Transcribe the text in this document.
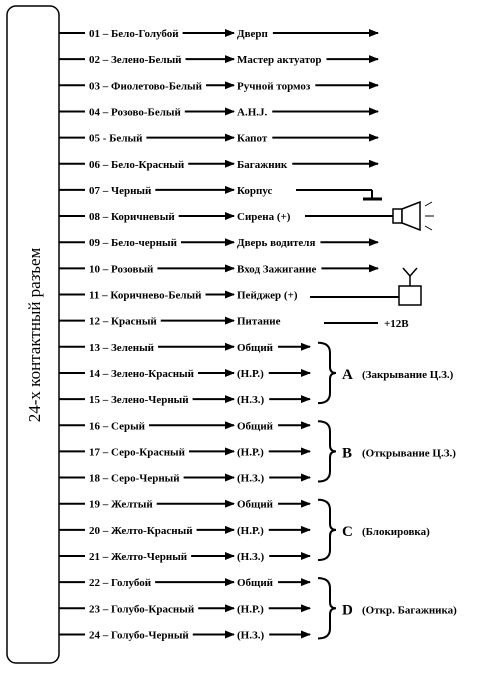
24-х контактный разъем
01 – Бело-Голубой	Дверп
02 – Зелено-Белый	Мастер актуатор
03 – Фиолетово-Белый	Ручной тормоз
04 – Розово-Белый	A.H.J.
05 - Белый	Капот
06 – Бело-Красный	Багажник
07 – Черный	Корпус
08 – Коричневый	Сирена (+)
09 – Бело-черный	Дверь водителя
10 – Розовый	Вход Зажигание
11 – Коричнево-Белый	Пейджер (+)
12 – Красный	Питание
13 – Зеленый	Общий
14 – Зелено-Красный	(Н.Р.)
15 – Зелено-Черный	(Н.З.)
16 – Серый	Общий
17 – Серо-Красный	(Н.Р.)
18 – Серо-Черный	(Н.З.)
19 – Желтый	Общий
20 – Желто-Красный	(Н.Р.)
21 – Желто-Черный	(Н.З.)
22 – Голубой	Общий
23 – Голубо-Красный	(Н.Р.)
24 – Голубо-Черный	(Н.З.)
A (Закрывание Ц.З.)
B (Открывание Ц.З.)
C (Блокировка)
D (Откр. Багажника)
+12В
